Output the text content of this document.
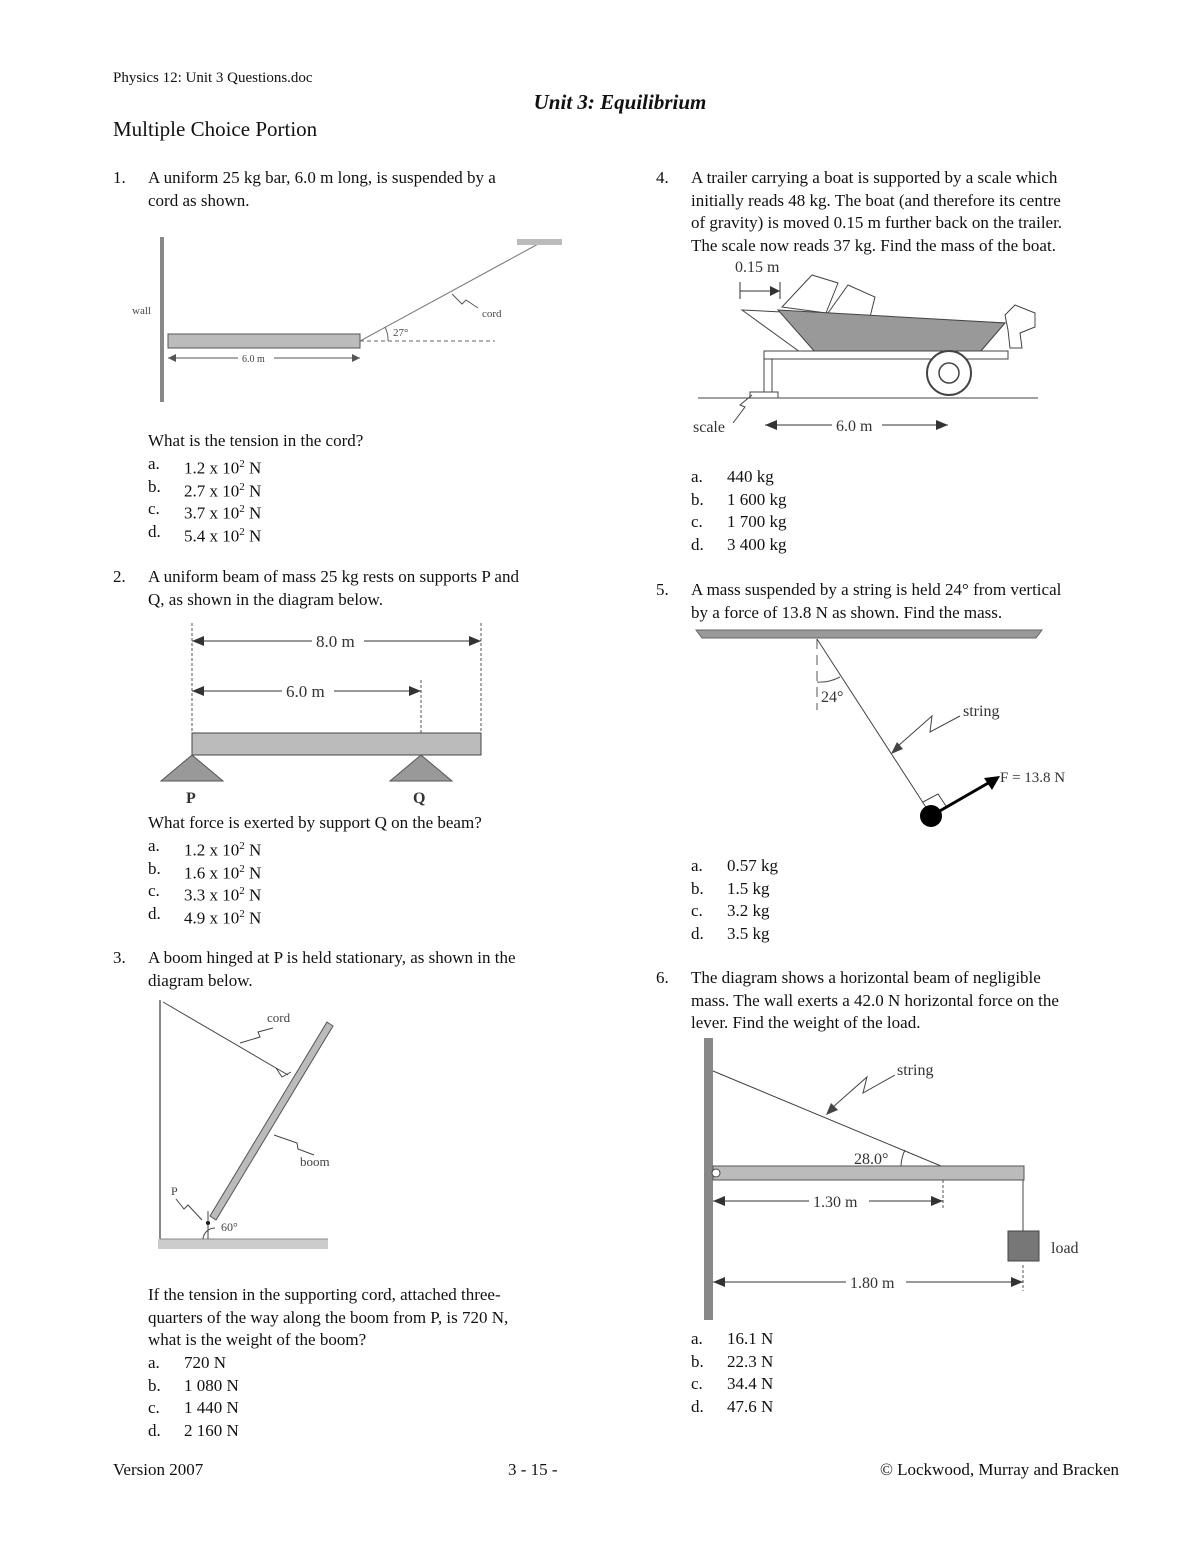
Physics 12: Unit 3 Questions.doc
Unit 3: Equilibrium
Multiple Choice Portion
1. A uniform 25 kg bar, 6.0 m long, is suspended by a
cord as shown.
wall
27°
cord
6.0 m
What is the tension in the cord?
a. 1.2 x $10^2$ N
b. 2.7 x $10^2$ N
c. 3.7 x $10^2$ N
d. 5.4 x $10^2$ N
2. A uniform beam of mass 25 kg rests on supports P and
Q, as shown in the diagram below.
8.0 m
6.0 m
P	Q
What force is exerted by support Q on the beam?
a. 1.2 x $10^2$ N
b. 1.6 x $10^2$ N
c. 3.3 x $10^2$ N
d. 4.9 x $10^2$ N
3. A boom hinged at P is held stationary, as shown in the
diagram below.
60°
cord
boom
P
If the tension in the supporting cord, attached three-
quarters of the way along the boom from P, is 720 N,
what is the weight of the boom?
a. 720 N
b. 1 080 N
c. 1 440 N
d. 2 160 N
4. A trailer carrying a boat is supported by a scale which
initially reads 48 kg. The boat (and therefore its centre
of gravity) is moved 0.15 m further back on the trailer.
The scale now reads 37 kg. Find the mass of the boat.
0.15 m
scale	6.0 m
a. 440 kg
b. 1 600 kg
c. 1 700 kg
d. 3 400 kg
5. A mass suspended by a string is held 24° from vertical
by a force of 13.8 N as shown. Find the mass.
24°
string
F = 13.8 N
a. 0.57 kg
b. 1.5 kg
c. 3.2 kg
d. 3.5 kg
6. The diagram shows a horizontal beam of negligible
mass. The wall exerts a 42.0 N horizontal force on the
lever. Find the weight of the load.
28.0°
string
1.30 m
load
1.80 m
a. 16.1 N
b. 22.3 N
c. 34.4 N
d. 47.6 N
Version 2007	3 - 15 -	© Lockwood, Murray and Bracken
